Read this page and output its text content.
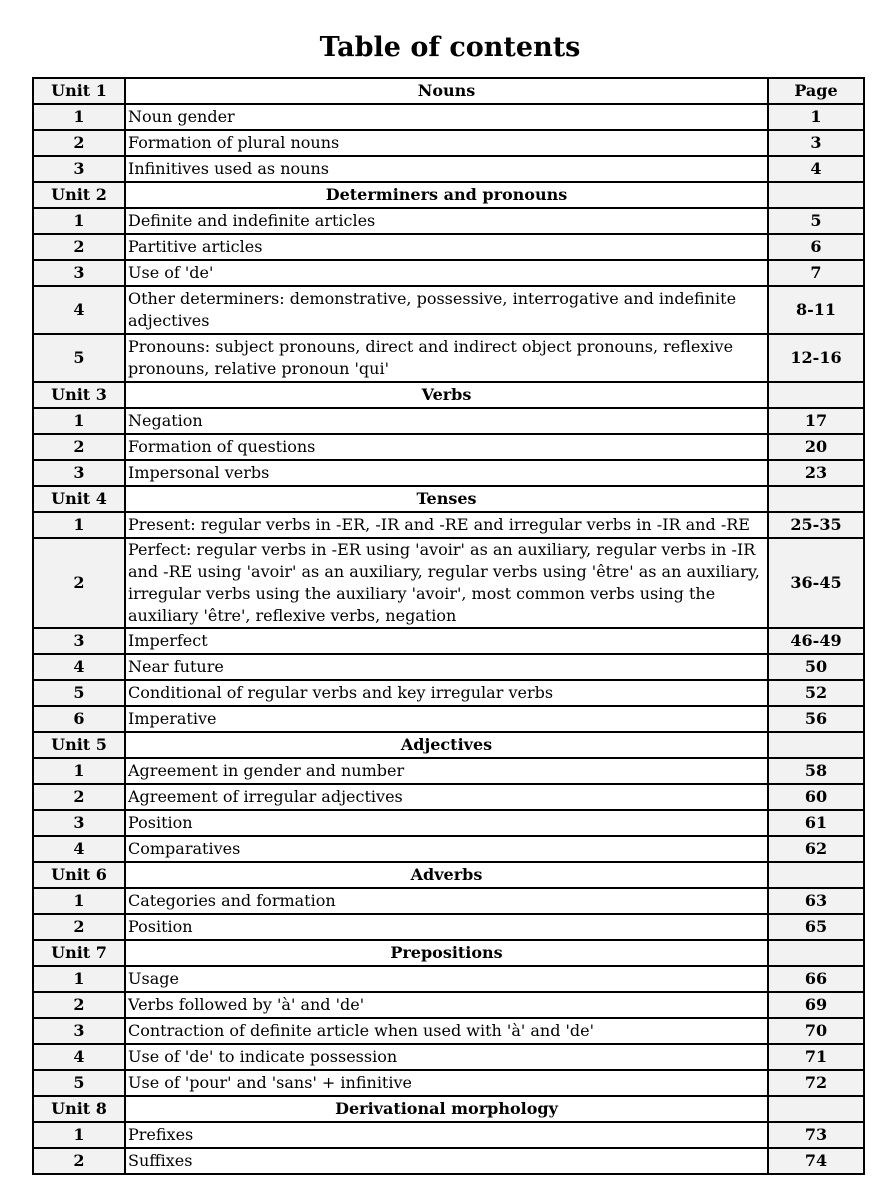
Table of contents
Unit 1	Nouns	Page
1	Noun gender	1
2	Formation of plural nouns	3
3	Infinitives used as nouns	4
Unit 2	Determiners and pronouns	
1	Definite and indefinite articles	5
2	Partitive articles	6
3	Use of 'de'	7
4	Other determiners: demonstrative, possessive, interrogative and indefinite adjectives	8-11
5	Pronouns: subject pronouns, direct and indirect object pronouns, reflexive pronouns, relative pronoun 'qui'	12-16
Unit 3	Verbs	
1	Negation	17
2	Formation of questions	20
3	Impersonal verbs	23
Unit 4	Tenses	
1	Present: regular verbs in -ER, -IR and -RE and irregular verbs in -IR and -RE	25-35
2	Perfect: regular verbs in -ER using 'avoir' as an auxiliary, regular verbs in -IR and -RE using 'avoir' as an auxiliary, regular verbs using 'être' as an auxiliary, irregular verbs using the auxiliary 'avoir', most common verbs using the auxiliary 'être', reflexive verbs, negation	36-45
3	Imperfect	46-49
4	Near future	50
5	Conditional of regular verbs and key irregular verbs	52
6	Imperative	56
Unit 5	Adjectives	
1	Agreement in gender and number	58
2	Agreement of irregular adjectives	60
3	Position	61
4	Comparatives	62
Unit 6	Adverbs	
1	Categories and formation	63
2	Position	65
Unit 7	Prepositions	
1	Usage	66
2	Verbs followed by 'à' and 'de'	69
3	Contraction of definite article when used with 'à' and 'de'	70
4	Use of 'de' to indicate possession	71
5	Use of 'pour' and 'sans' + infinitive	72
Unit 8	Derivational morphology	
1	Prefixes	73
2	Suffixes	74
